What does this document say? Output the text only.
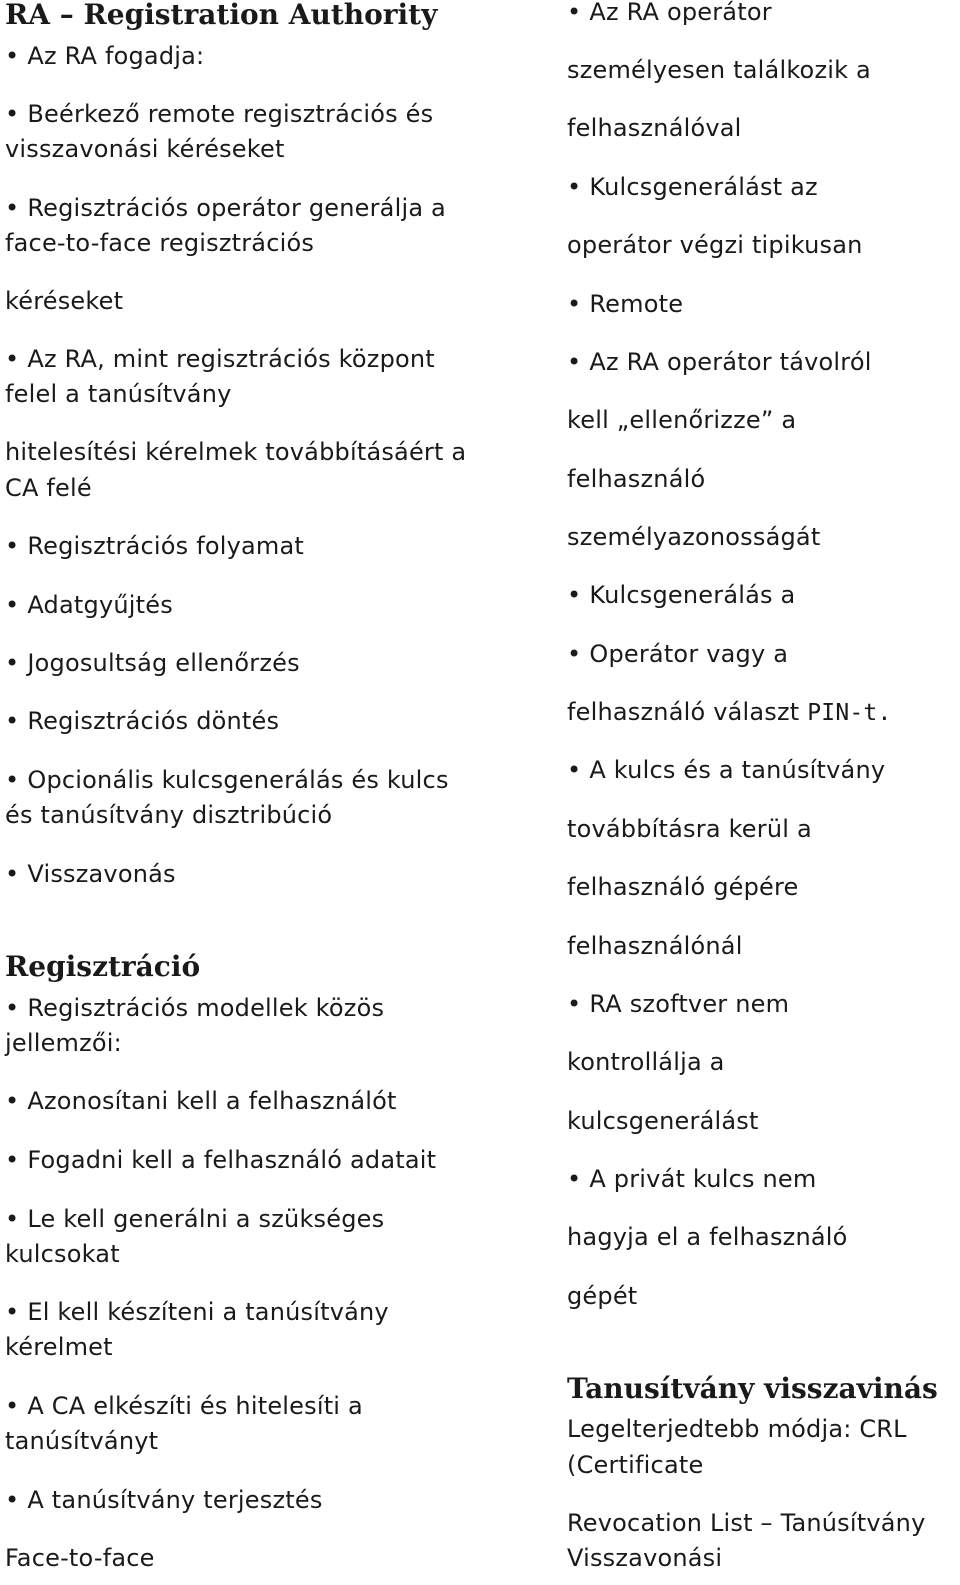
RA – Registration Authority
• Az RA fogadja:
• Beérkező remote regisztrációs és
visszavonási kéréseket
• Regisztrációs operátor generálja a
face-to-face regisztrációs
kéréseket
• Az RA, mint regisztrációs központ
felel a tanúsítvány
hitelesítési kérelmek továbbításáért a
CA felé
• Regisztrációs folyamat
• Adatgyűjtés
• Jogosultság ellenőrzés
• Regisztrációs döntés
• Opcionális kulcsgenerálás és kulcs
és tanúsítvány disztribúció
• Visszavonás
Regisztráció
• Regisztrációs modellek közös
jellemzői:
• Azonosítani kell a felhasználót
• Fogadni kell a felhasználó adatait
• Le kell generálni a szükséges
kulcsokat
• El kell készíteni a tanúsítvány
kérelmet
• A CA elkészíti és hitelesíti a
tanúsítványt
• A tanúsítvány terjesztés
Face-to-face
• Az RA operátor
személyesen találkozik a
felhasználóval
• Kulcsgenerálást az
operátor végzi tipikusan
• Remote
• Az RA operátor távolról
kell „ellenőrizze” a
felhasználó
személyazonosságát
• Kulcsgenerálás a
• Operátor vagy a
felhasználó választ PIN-t.
• A kulcs és a tanúsítvány
továbbításra kerül a
felhasználó gépére
felhasználónál
• RA szoftver nem
kontrollálja a
kulcsgenerálást
• A privát kulcs nem
hagyja el a felhasználó
gépét
Tanusítvány visszavinás
Legelterjedtebb módja: CRL
(Certificate
Revocation List – Tanúsítvány
Visszavonási
